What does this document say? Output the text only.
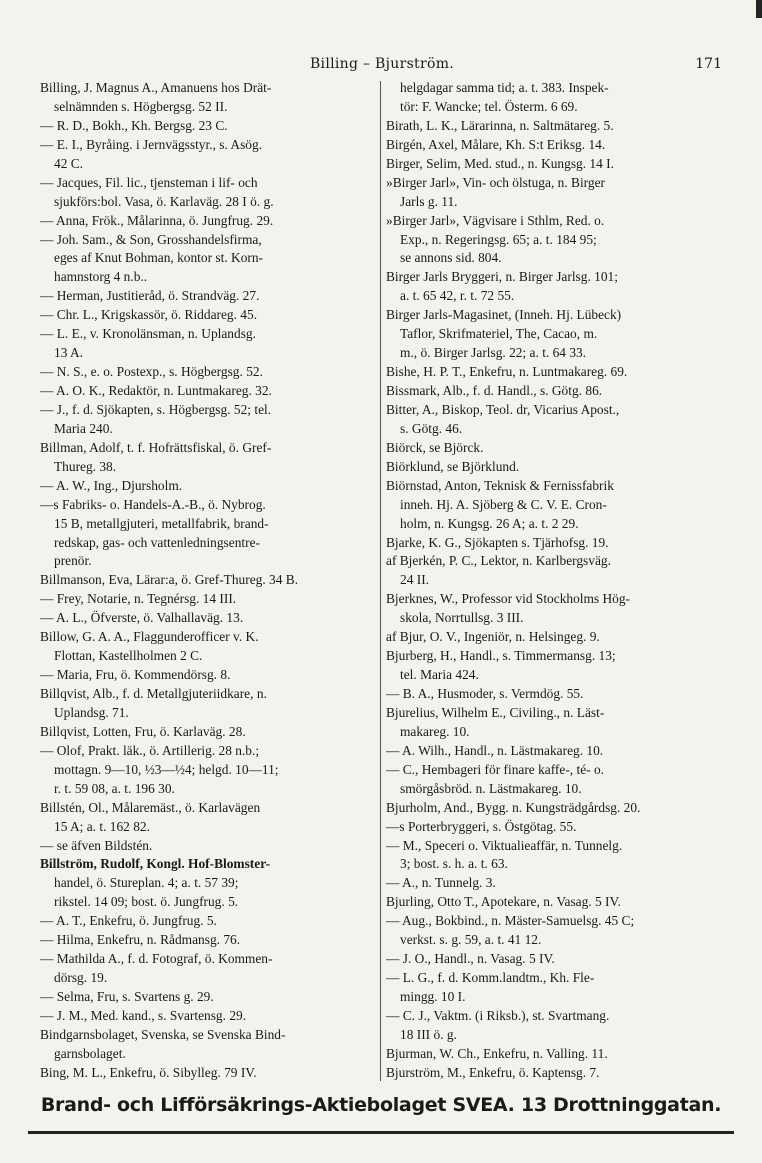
Billing – Bjurström.	171
Billing, J. Magnus A., Amanuens hos Drät-
selnämnden s. Högbergsg. 52 II.
— R. D., Bokh., Kh. Bergsg. 23 C.
— E. I., Byråing. i Jernvägsstyr., s. Asög.
42 C.
— Jacques, Fil. lic., tjensteman i lif- och
sjukförs:bol. Vasa, ö. Karlaväg. 28 I ö. g.
— Anna, Frök., Målarinna, ö. Jungfrug. 29.
— Joh. Sam., & Son, Grosshandelsfirma,
eges af Knut Bohman, kontor st. Korn-
hamnstorg 4 n.b..
— Herman, Justitieråd, ö. Strandväg. 27.
— Chr. L., Krigskassör, ö. Riddareg. 45.
— L. E., v. Kronolänsman, n. Uplandsg.
13 A.
— N. S., e. o. Postexp., s. Högbergsg. 52.
— A. O. K., Redaktör, n. Luntmakareg. 32.
— J., f. d. Sjökapten, s. Högbergsg. 52; tel.
Maria 240.
Billman, Adolf, t. f. Hofrättsfiskal, ö. Gref-
Thureg. 38.
— A. W., Ing., Djursholm.
—s Fabriks- o. Handels-A.-B., ö. Nybrog.
15 B, metallgjuteri, metallfabrik, brand-
redskap, gas- och vattenledningsentre-
prenör.
Billmanson, Eva, Lärar:a, ö. Gref-Thureg. 34 B.
— Frey, Notarie, n. Tegnérsg. 14 III.
— A. L., Öfverste, ö. Valhallaväg. 13.
Billow, G. A. A., Flaggunderofficer v. K.
Flottan, Kastellholmen 2 C.
— Maria, Fru, ö. Kommendörsg. 8.
Billqvist, Alb., f. d. Metallgjuteriidkare, n.
Uplandsg. 71.
Billqvist, Lotten, Fru, ö. Karlaväg. 28.
— Olof, Prakt. läk., ö. Artillerig. 28 n.b.;
mottagn. 9—10, ½3—½4; helgd. 10—11;
r. t. 59 08, a. t. 196 30.
Billstén, Ol., Målaremäst., ö. Karlavägen
15 A; a. t. 162 82.
— se äfven Bildstén.
Billström, Rudolf, Kongl. Hof-Blomster-
handel, ö. Stureplan. 4; a. t. 57 39;
rikstel. 14 09; bost. ö. Jungfrug. 5.
— A. T., Enkefru, ö. Jungfrug. 5.
— Hilma, Enkefru, n. Rådmansg. 76.
— Mathilda A., f. d. Fotograf, ö. Kommen-
dörsg. 19.
— Selma, Fru, s. Svartens g. 29.
— J. M., Med. kand., s. Svartensg. 29.
Bindgarnsbolaget, Svenska, se Svenska Bind-
garnsbolaget.
Bing, M. L., Enkefru, ö. Sibylleg. 79 IV.
helgdagar samma tid; a. t. 383. Inspek-
tör: F. Wancke; tel. Österm. 6 69.
Birath, L. K., Lärarinna, n. Saltmätareg. 5.
Birgén, Axel, Målare, Kh. S:t Eriksg. 14.
Birger, Selim, Med. stud., n. Kungsg. 14 I.
»Birger Jarl», Vin- och ölstuga, n. Birger
Jarls g. 11.
»Birger Jarl», Vägvisare i Sthlm, Red. o.
Exp., n. Regeringsg. 65; a. t. 184 95;
se annons sid. 804.
Birger Jarls Bryggeri, n. Birger Jarlsg. 101;
a. t. 65 42, r. t. 72 55.
Birger Jarls-Magasinet, (Inneh. Hj. Lübeck)
Taflor, Skrifmateriel, The, Cacao, m.
m., ö. Birger Jarlsg. 22; a. t. 64 33.
Bishe, H. P. T., Enkefru, n. Luntmakareg. 69.
Bissmark, Alb., f. d. Handl., s. Götg. 86.
Bitter, A., Biskop, Teol. dr, Vicarius Apost.,
s. Götg. 46.
Biörck, se Björck.
Biörklund, se Björklund.
Biörnstad, Anton, Teknisk & Fernissfabrik
inneh. Hj. A. Sjöberg & C. V. E. Cron-
holm, n. Kungsg. 26 A; a. t. 2 29.
Bjarke, K. G., Sjökapten s. Tjärhofsg. 19.
af Bjerkén, P. C., Lektor, n. Karlbergsväg.
24 II.
Bjerknes, W., Professor vid Stockholms Hög-
skola, Norrtullsg. 3 III.
af Bjur, O. V., Ingeniör, n. Helsingeg. 9.
Bjurberg, H., Handl., s. Timmermansg. 13;
tel. Maria 424.
— B. A., Husmoder, s. Vermdög. 55.
Bjurelius, Wilhelm E., Civiling., n. Läst-
makareg. 10.
— A. Wilh., Handl., n. Lästmakareg. 10.
— C., Hembageri för finare kaffe-, té- o.
smörgåsbröd. n. Lästmakareg. 10.
Bjurholm, And., Bygg. n. Kungsträdgårdsg. 20.
—s Porterbryggeri, s. Östgötag. 55.
— M., Speceri o. Viktualieaffär, n. Tunnelg.
3; bost. s. h. a. t. 63.
— A., n. Tunnelg. 3.
Bjurling, Otto T., Apotekare, n. Vasag. 5 IV.
— Aug., Bokbind., n. Mäster-Samuelsg. 45 C;
verkst. s. g. 59, a. t. 41 12.
— J. O., Handl., n. Vasag. 5 IV.
— L. G., f. d. Komm.landtm., Kh. Fle-
mingg. 10 I.
— C. J., Vaktm. (i Riksb.), st. Svartmang.
18 III ö. g.
Bjurman, W. Ch., Enkefru, n. Valling. 11.
Bjurström, M., Enkefru, ö. Kaptensg. 7.
Brand- och Lifförsäkrings-Aktiebolaget SVEA. 13 Drottninggatan.
